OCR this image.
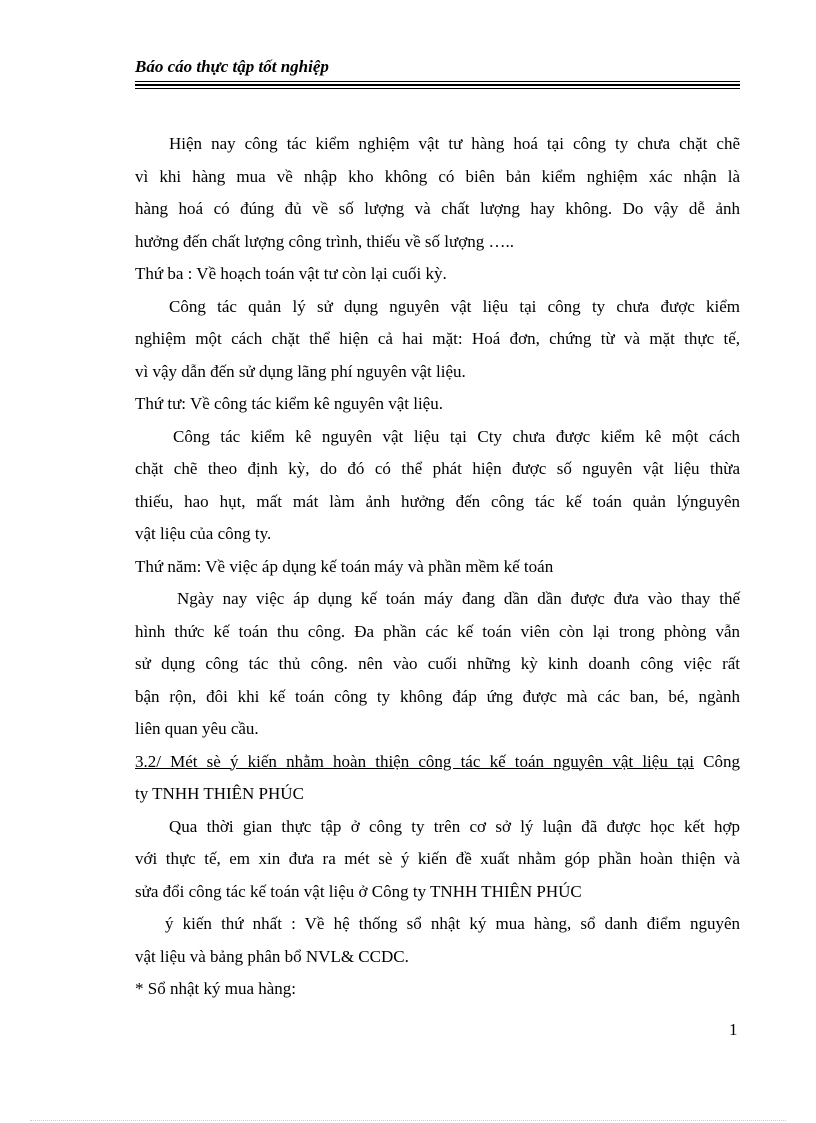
Báo cáo thực tập tốt nghiệp
Hiện nay công tác kiểm nghiệm vật tư hàng hoá tại công ty chưa chặt chẽ
vì khi hàng mua về nhập kho không có biên bản kiểm nghiệm xác nhận là
hàng hoá có đúng đủ về số lượng và chất lượng hay không. Do vậy dễ ảnh
hưởng đến chất lượng công trình, thiếu về số lượng …..
Thứ ba : Về hoạch toán vật tư còn lại cuối kỳ.
Công tác quản lý sử dụng nguyên vật liệu tại công ty chưa được kiểm
nghiệm một cách chặt thể hiện cả hai mặt: Hoá đơn, chứng từ và mặt thực tế,
vì vậy dẫn đến sử dụng lãng phí nguyên vật liệu.
Thứ tư: Về công tác kiểm kê nguyên vật liệu.
Công tác kiểm kê nguyên vật liệu tại Cty chưa được kiểm kê một cách
chặt chẽ theo định kỳ, do đó có thể phát hiện được số nguyên vật liệu thừa
thiếu, hao hụt, mất mát làm ảnh hưởng đến công tác kế toán quản lýnguyên
vật liệu của công ty.
Thứ năm: Về việc áp dụng kế toán máy và phần mềm kế toán
Ngày nay việc áp dụng kế toán máy đang dần dần được đưa vào thay thế
hình thức kế toán thu công. Đa phần các kế toán viên còn lại trong phòng vẫn
sử dụng công tác thủ công. nên vào cuối những kỳ kinh doanh công việc rất
bận rộn, đôi khi kế toán công ty không đáp ứng được mà các ban, bé, ngành
liên quan yêu cầu.
3.2/ Mét sè ý kiến nhằm hoàn thiện công tác kế toán nguyên vật liệu tại Công
ty TNHH THIÊN PHÚC
Qua thời gian thực tập ở công ty trên cơ sở lý luận đã được học kết hợp
với thực tế, em xin đưa ra mét sè ý kiến đề xuất nhằm góp phần hoàn thiện và
sửa đổi công tác kế toán vật liệu ở Công ty TNHH THIÊN PHÚC
ý kiến thứ nhất : Về hệ thống sổ nhật ký mua hàng, sổ danh điểm nguyên
vật liệu và bảng phân bổ NVL& CCDC.
* Sổ nhật ký mua hàng:
1
